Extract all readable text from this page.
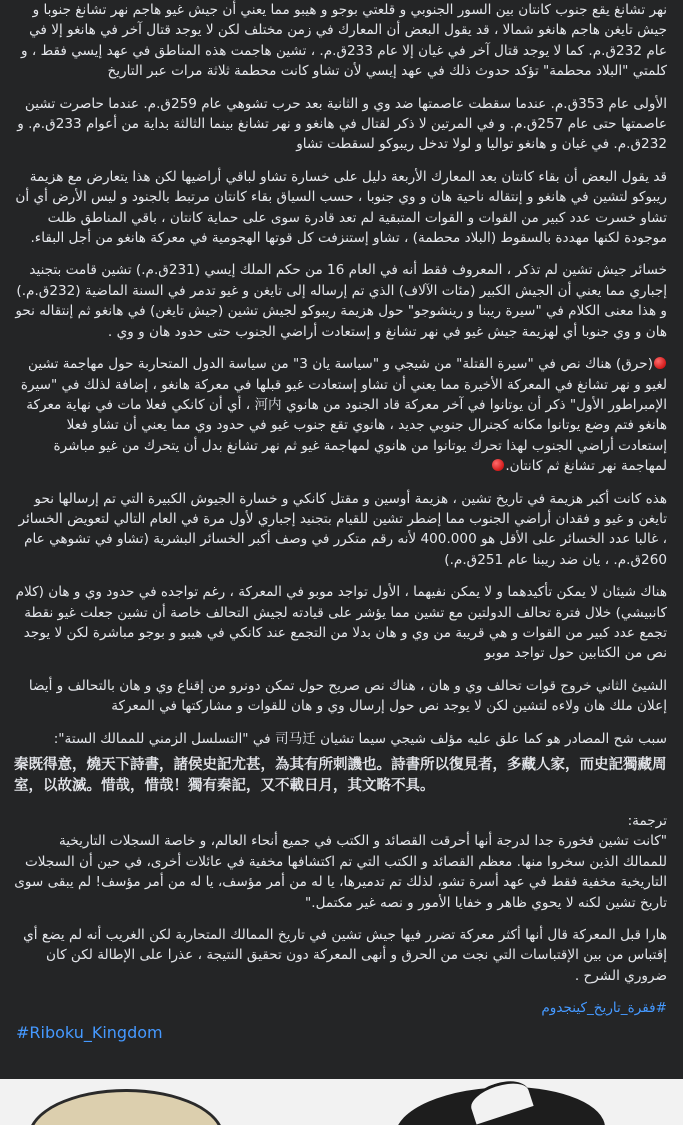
نهر تشانغ يقع جنوب كانتان بين السور الجنوبي و قلعتي بوجو و هيبو مما يعني أن جيش غيو هاجم نهر تشانغ جنوبا و جيش تايغن هاجم هانغو شمالا ، قد يقول البعض أن المعارك في زمن مختلف لكن لا يوجد قتال آخر في هانغو إلا في عام 232ق.م. كما لا يوجد قتال آخر في غيان إلا عام 233ق.م. ، تشين هاجمت هذه المناطق في عهد إيسي فقط ، و كلمتي "البلاد محطمة" تؤكد حدوث ذلك في عهد إيسي لأن تشاو كانت محطمة ثلاثة مرات عبر التاريخ

الأولى عام 353ق.م. عندما سقطت عاصمتها ضد وي و الثانية بعد حرب تشوهي عام 259ق.م. عندما حاصرت تشين عاصمتها حتى عام 257ق.م. و في المرتين لا ذكر لقتال في هانغو و نهر تشانغ بينما الثالثة بداية من أعوام 233ق.م. و 232ق.م. في غيان و هانغو تواليا و لولا تدخل ريبوكو لسقطت تشاو

قد يقول البعض أن بقاء كانتان بعد المعارك الأربعة دليل على خسارة تشاو لباقي أراضيها لكن هذا يتعارض مع هزيمة ريبوكو لتشين في هانغو و إنتقاله ناحية هان و وي جنوبا ، حسب السياق بقاء كانتان مرتبط بالجنود و ليس الأرض أي أن تشاو خسرت عدد كبير من القوات و القوات المتبقية لم تعد قادرة سوى على حماية كانتان ، باقي المناطق ظلت موجودة لكنها مهددة بالسقوط (البلاد محطمة) ، تشاو إستنزفت كل قوتها الهجومية في معركة هانغو من أجل البقاء.

خسائر جيش تشين لم تذكر ، المعروف فقط أنه في العام 16 من حكم الملك إيسي (231ق.م.) تشين قامت بتجنيد إجباري مما يعني أن الجيش الكبير (مئات الآلاف) الذي تم إرساله إلى تايغن و غيو تدمر في السنة الماضية (232ق.م.) و هذا معنى الكلام في "سيرة ريبنا و رينشوجو" حول هزيمة ريبوكو لجيش تشين (جيش تايغن) في هانغو ثم إنتقاله نحو هان و وي جنوبا أي لهزيمة جيش غيو في نهر تشانغ و إستعادت أراضي الجنوب حتى حدود هان و وي .

(حرق) هناك نص في "سيرة القتلة" من شيجي و "سياسة يان 3" من سياسة الدول المتحاربة حول مهاجمة تشين لغيو و نهر تشانغ في المعركة الأخيرة مما يعني أن تشاو إستعادت غيو قبلها في معركة هانغو ، إضافة لذلك في "سيرة الإمبراطور الأول" ذكر أن يوتانوا في آخر معركة قاد الجنود من هانوي 河内 ، أي أن كانكي فعلا مات في نهاية معركة هانغو فتم وضع يوتانوا مكانه كجنرال جنوبي جديد ، هانوي تقع جنوب غيو في حدود وي مما يعني أن تشاو فعلا إستعادت أراضي الجنوب لهذا تحرك يوتانوا من هانوي لمهاجمة غيو ثم نهر تشانغ بدل أن يتحرك من غيو مباشرة لمهاجمة نهر تشانغ ثم كانتان.

هذه كانت أكبر هزيمة في تاريخ تشين ، هزيمة أوسين و مقتل كانكي و خسارة الجيوش الكبيرة التي تم إرسالها نحو تايغن و غيو و فقدان أراضي الجنوب مما إضطر تشين للقيام بتجنيد إجباري لأول مرة في العام التالي لتعويض الخسائر ، غالبا عدد الخسائر على الأقل هو 400.000 لأنه رقم متكرر في وصف أكبر الخسائر البشرية (تشاو في تشوهي عام 260ق.م. ، يان ضد ريبنا عام 251ق.م.)

هناك شيئان لا يمكن تأكيدهما و لا يمكن نفيهما ، الأول تواجد موبو في المعركة ، رغم تواجده في حدود وي و هان (كلام كانبيشي) خلال فترة تحالف الدولتين مع تشين مما يؤشر على قيادته لجيش التحالف خاصة أن تشين جعلت غيو نقطة تجمع عدد كبير من القوات و هي قريبة من وي و هان بدلا من التجمع عند كانكي في هيبو و بوجو مباشرة لكن لا يوجد نص من الكتابين حول تواجد موبو

الشيئ الثاني خروج قوات تحالف وي و هان ، هناك نص صريح حول تمكن دونرو من إقناع وي و هان بالتحالف و أيضا إعلان ملك هان ولاءه لتشين لكن لا يوجد نص حول إرسال وي و هان للقوات و مشاركتها في المعركة

سبب شح المصادر هو كما علق عليه مؤلف شيجي سيما تشيان 司马迁 في "التسلسل الزمني للممالك الستة":

秦既得意，燒天下詩書，諸侯史記尤甚，為其有所刺譏也。詩書所以復見者，多藏人家，而史記獨藏周室，以故滅。惜哉，惜哉！獨有秦記，又不載日月，其文略不具。

ترجمة:

"كانت تشين فخورة جدا لدرجة أنها أحرقت القصائد و الكتب في جميع أنحاء العالم، و خاصة السجلات التاريخية للممالك الذين سخروا منها. معظم القصائد و الكتب التي تم اكتشافها مخفية في عائلات أخرى، في حين أن السجلات التاريخية مخفية فقط في عهد أسرة تشو، لذلك تم تدميرها، يا له من أمر مؤسف، يا له من أمر مؤسف! لم يبقى سوى تاريخ تشين لكنه لا يحوي ظاهر و خفايا الأمور و نصه غير مكتمل."

هارا قبل المعركة قال أنها أكثر معركة تضرر فيها جيش تشين في تاريخ الممالك المتحاربة لكن الغريب أنه لم يضع أي إقتباس من بين الإقتباسات التي نجت من الحرق و أنهى المعركة دون تحقيق النتيجة ، عذرا على الإطالة لكن كان ضروري الشرح .

#فقرة_تاريخ_كينجدوم
#Riboku_Kingdom
